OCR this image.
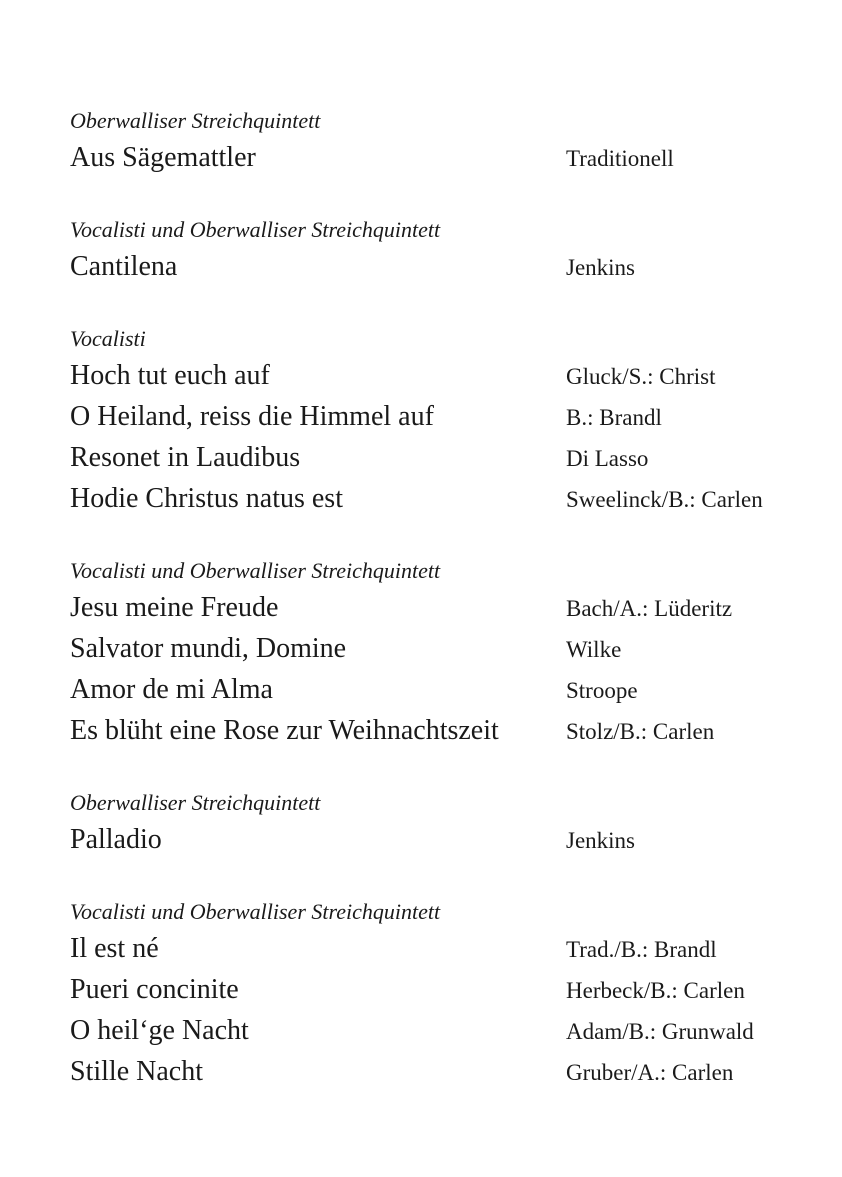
Oberwalliser Streichquintett
Aus Sägemattler	Traditionell
Vocalisti und Oberwalliser Streichquintett
Cantilena	Jenkins
Vocalisti
Hoch tut euch auf	Gluck/S.: Christ
O Heiland, reiss die Himmel auf	B.: Brandl
Resonet in Laudibus	Di Lasso
Hodie Christus natus est	Sweelinck/B.: Carlen
Vocalisti und Oberwalliser Streichquintett
Jesu meine Freude	Bach/A.: Lüderitz
Salvator mundi, Domine	Wilke
Amor de mi Alma	Stroope
Es blüht eine Rose zur Weihnachtszeit	Stolz/B.: Carlen
Oberwalliser Streichquintett
Palladio	Jenkins
Vocalisti und Oberwalliser Streichquintett
Il est né	Trad./B.: Brandl
Pueri concinite	Herbeck/B.: Carlen
O heil‘ge Nacht	Adam/B.: Grunwald
Stille Nacht	Gruber/A.: Carlen
